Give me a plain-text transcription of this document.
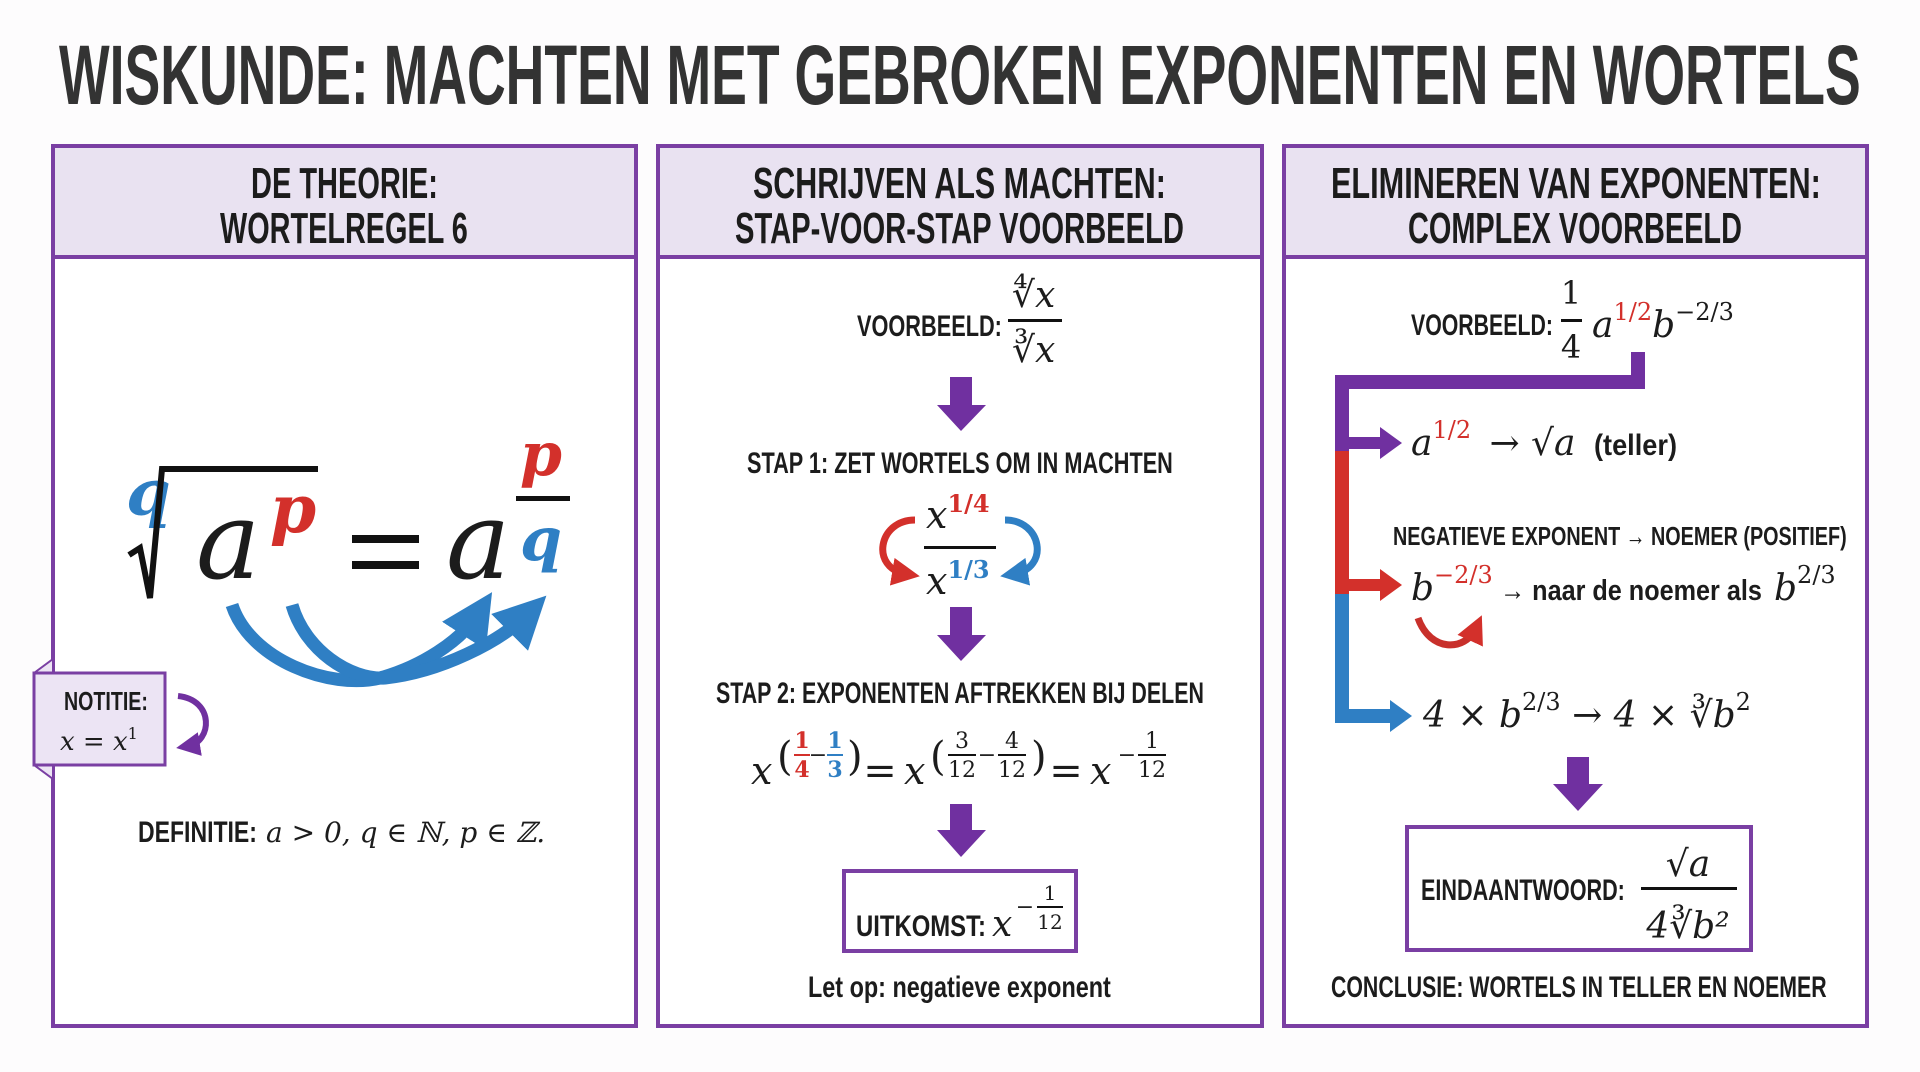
WISKUNDE: MACHTEN MET GEBROKEN EXPONENTEN EN WORTELS
DE THEORIE:
WORTELREGEL 6
SCHRIJVEN ALS MACHTEN:
STAP-VOOR-STAP VOORBEELD
ELIMINEREN VAN EXPONENTEN:
COMPLEX VOORBEELD
q a p a
p
q
NOTITIE:
$x = x^1$
DEFINITIE: a > 0, q ∈ ℕ, p ∈ ℤ.
VOORBEELD:
∜x
∛x
STAP 1: ZET WORTELS OM IN MACHTEN
$x^{1/4}$
$x^{1/3}$
STAP 2: EXPONENTEN AFTREKKEN BIJ DELEN
x ( 1
4
−
1
3 ) = x ( 3
12
−
4
12 ) = x −
1
12
UITKOMST: x −
1
12
Let op: negatieve exponent
VOORBEELD:
1
4
$a^{1/2}b^{-2/3}$
$a^{1/2} \to √a$ (teller)
NEGATIEVE EXPONENT → NOEMER (POSITIEF)
$b^{-2/3}$ → naar de noemer als $b^{2/3}$
$4 \times b^{2/3} \to 4$ × $∛b^2$
EINDAANTWOORD:
√a
4∛b²
CONCLUSIE: WORTELS IN TELLER EN NOEMER
